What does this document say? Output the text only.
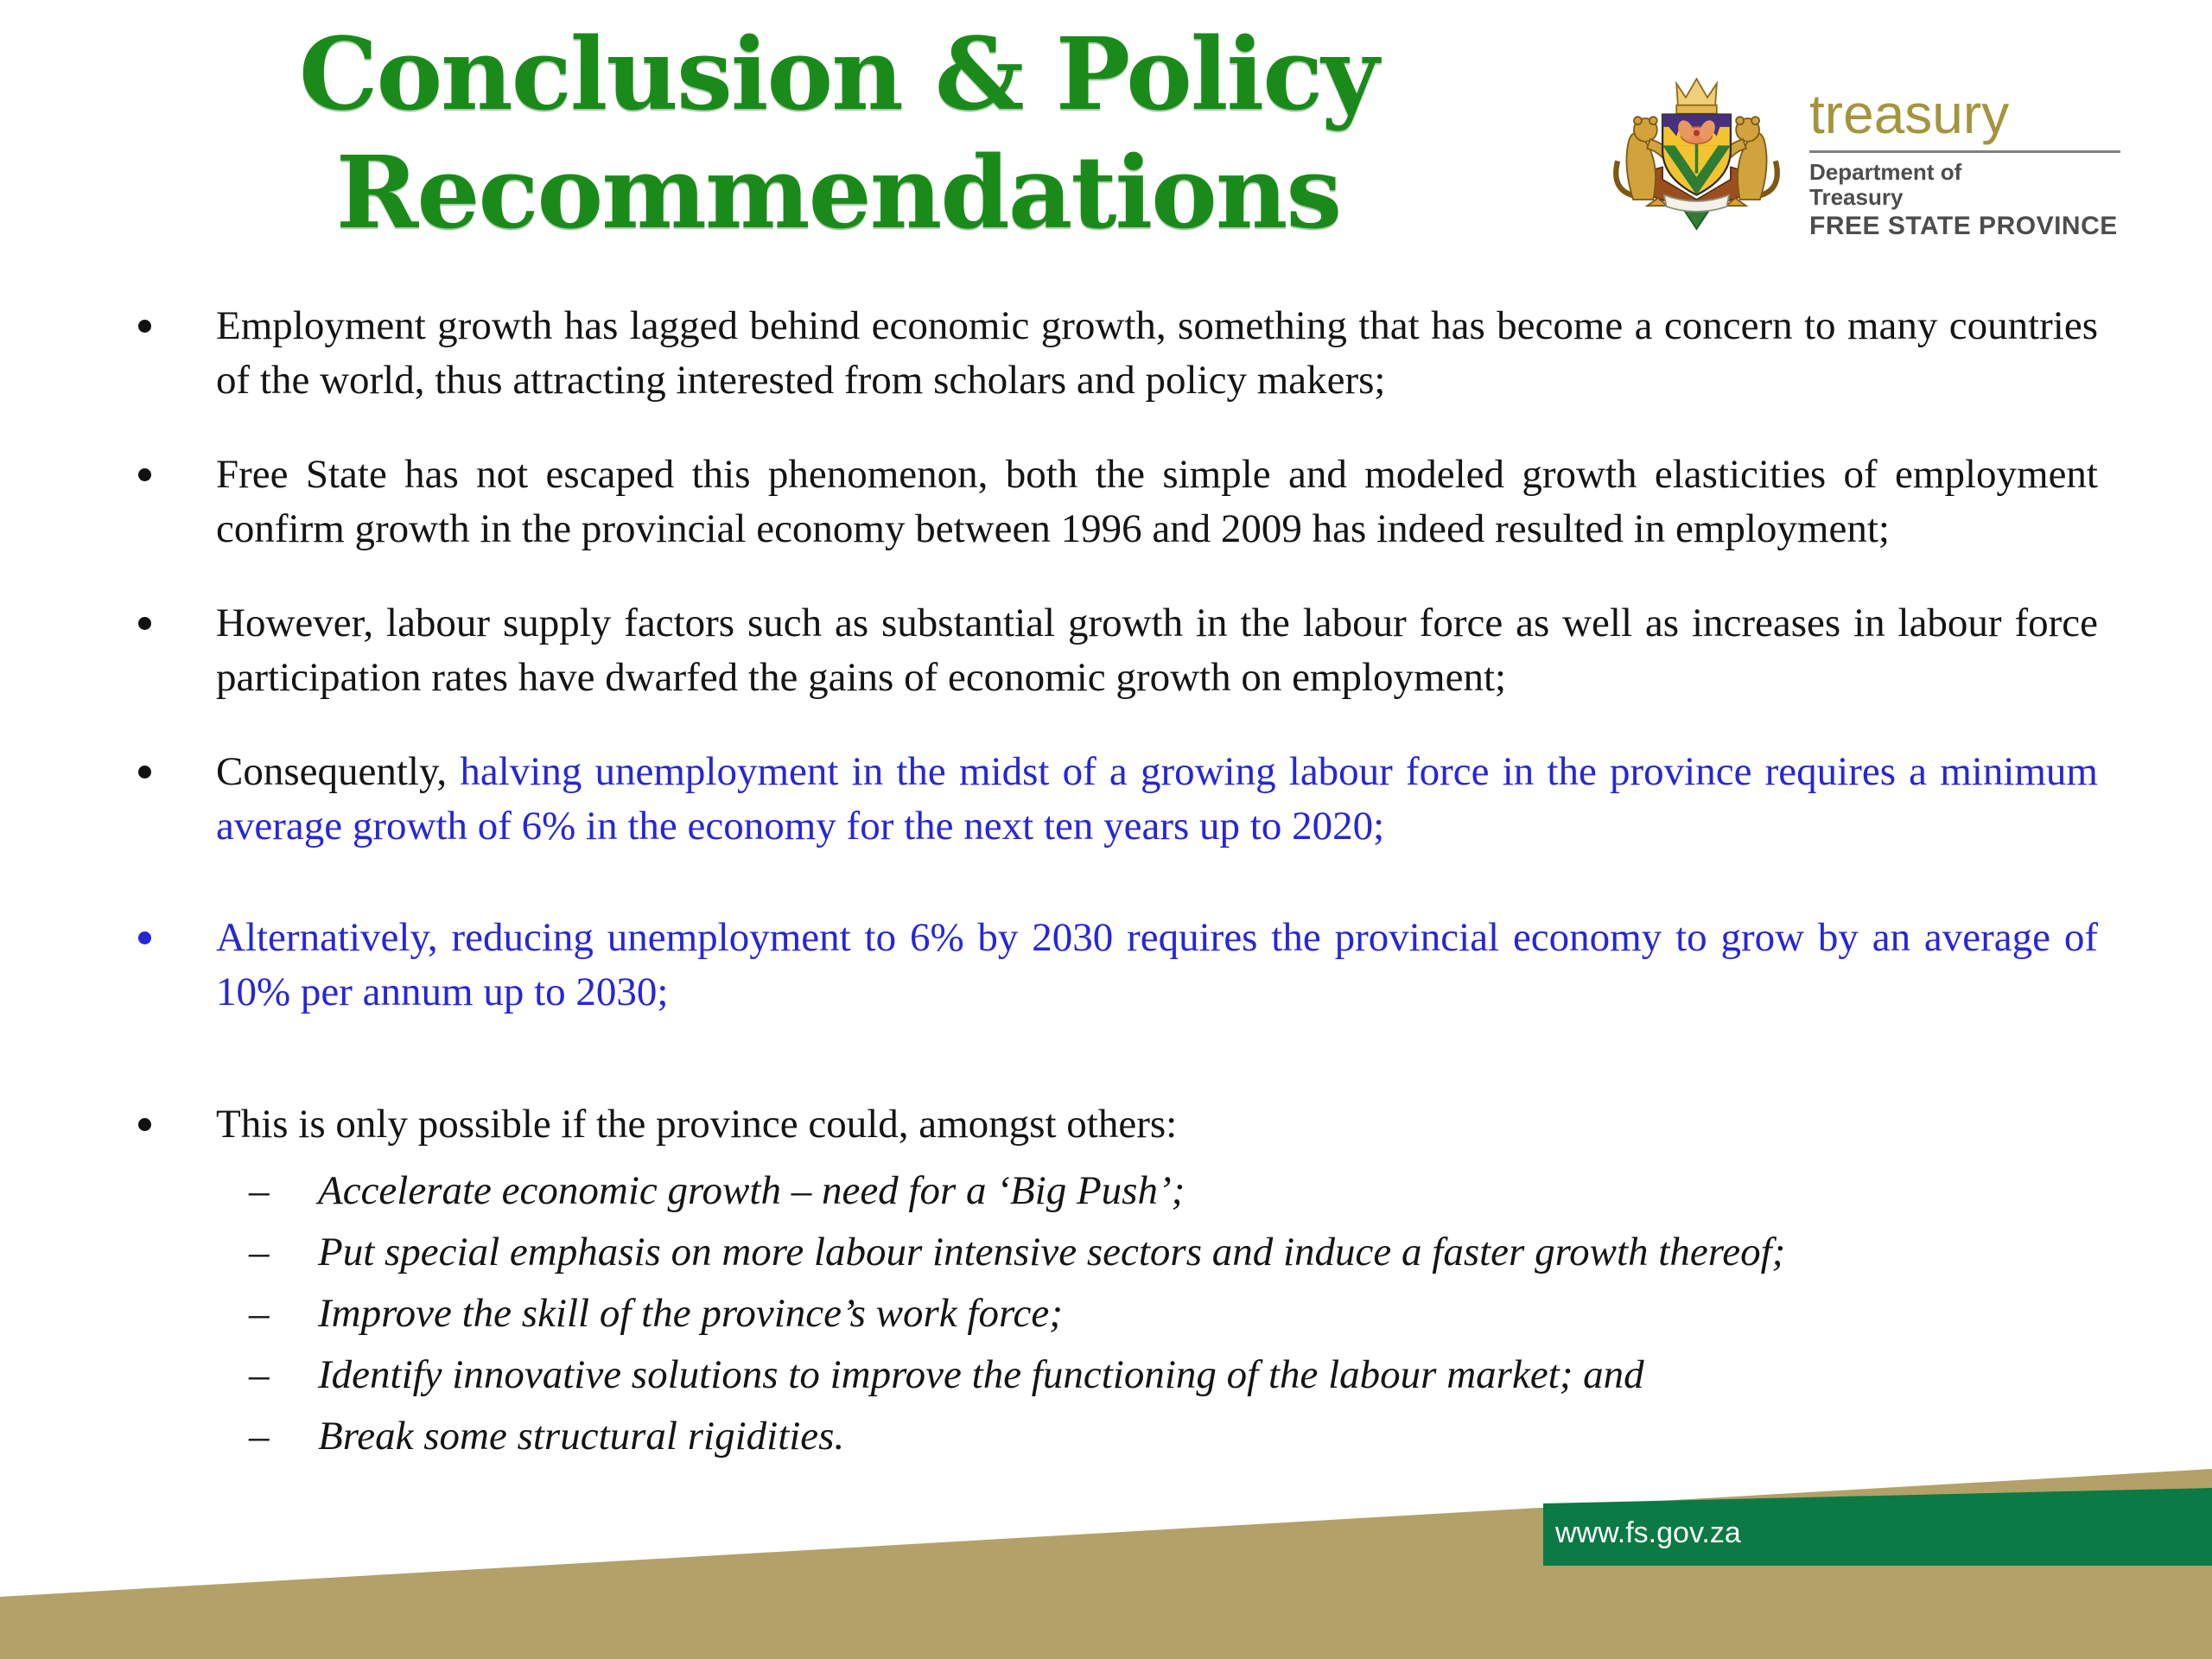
Conclusion & Policy
Recommendations
treasury
Department of
Treasury
FREE STATE PROVINCE

Employment growth has lagged behind economic growth, something that has become a concern to many countries of the world, thus attracting interested from scholars and policy makers;

Free State has not escaped this phenomenon, both the simple and modeled growth elasticities of employment confirm growth in the provincial economy between 1996 and 2009 has indeed resulted in employment;

However, labour supply factors such as substantial growth in the labour force as well as increases in labour force participation rates have dwarfed the gains of economic growth on employment;

Consequently, halving unemployment in the midst of a growing labour force in the province requires a minimum average growth of 6% in the economy for the next ten years up to 2020;

Alternatively, reducing unemployment to 6% by 2030 requires the provincial economy to grow by an average of 10% per annum up to 2030;

This is only possible if the province could, amongst others:

– Accelerate economic growth – need for a ‘Big Push’;

– Put special emphasis on more labour intensive sectors and induce a faster growth thereof;

– Improve the skill of the province’s work force;

– Identify innovative solutions to improve the functioning of the labour market; and

– Break some structural rigidities.

www.fs.gov.za
